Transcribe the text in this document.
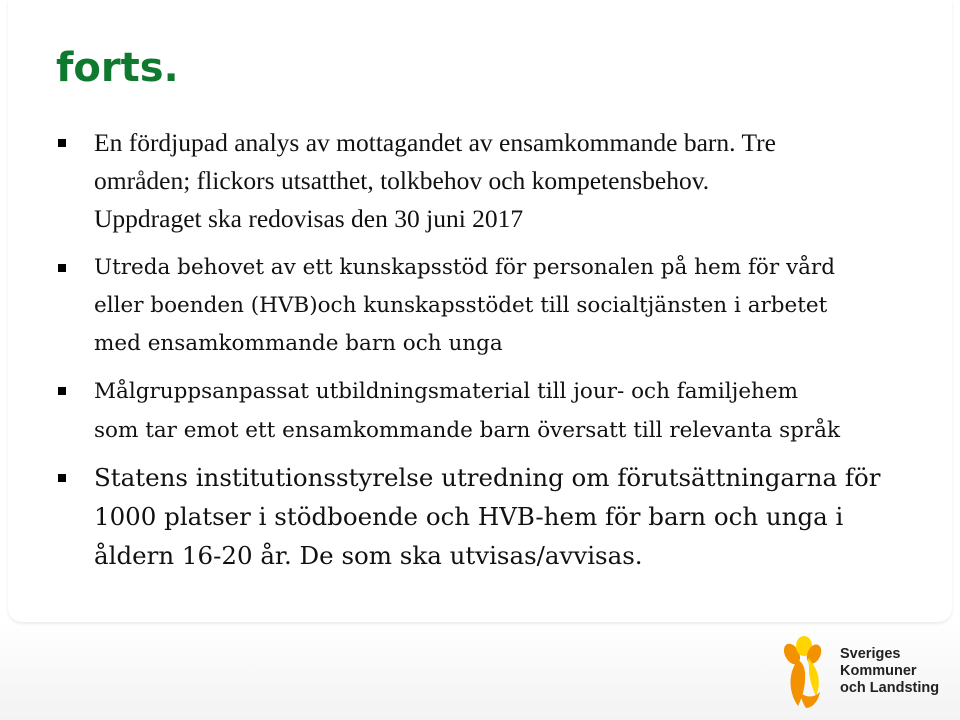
forts.
En fördjupad analys av mottagandet av ensamkommande barn. Tre
områden; flickors utsatthet, tolkbehov och kompetensbehov.
Uppdraget ska redovisas den 30 juni 2017
Utreda behovet av ett kunskapsstöd för personalen på hem för vård
eller boenden (HVB)och kunskapsstödet till socialtjänsten i arbetet
med ensamkommande barn och unga
Målgruppsanpassat utbildningsmaterial till jour- och familjehem
som tar emot ett ensamkommande barn översatt till relevanta språk
Statens institutionsstyrelse utredning om förutsättningarna för
1000 platser i stödboende och HVB-hem för barn och unga i
åldern 16-20 år. De som ska utvisas/avvisas.
Sveriges
Kommuner
och Landsting
